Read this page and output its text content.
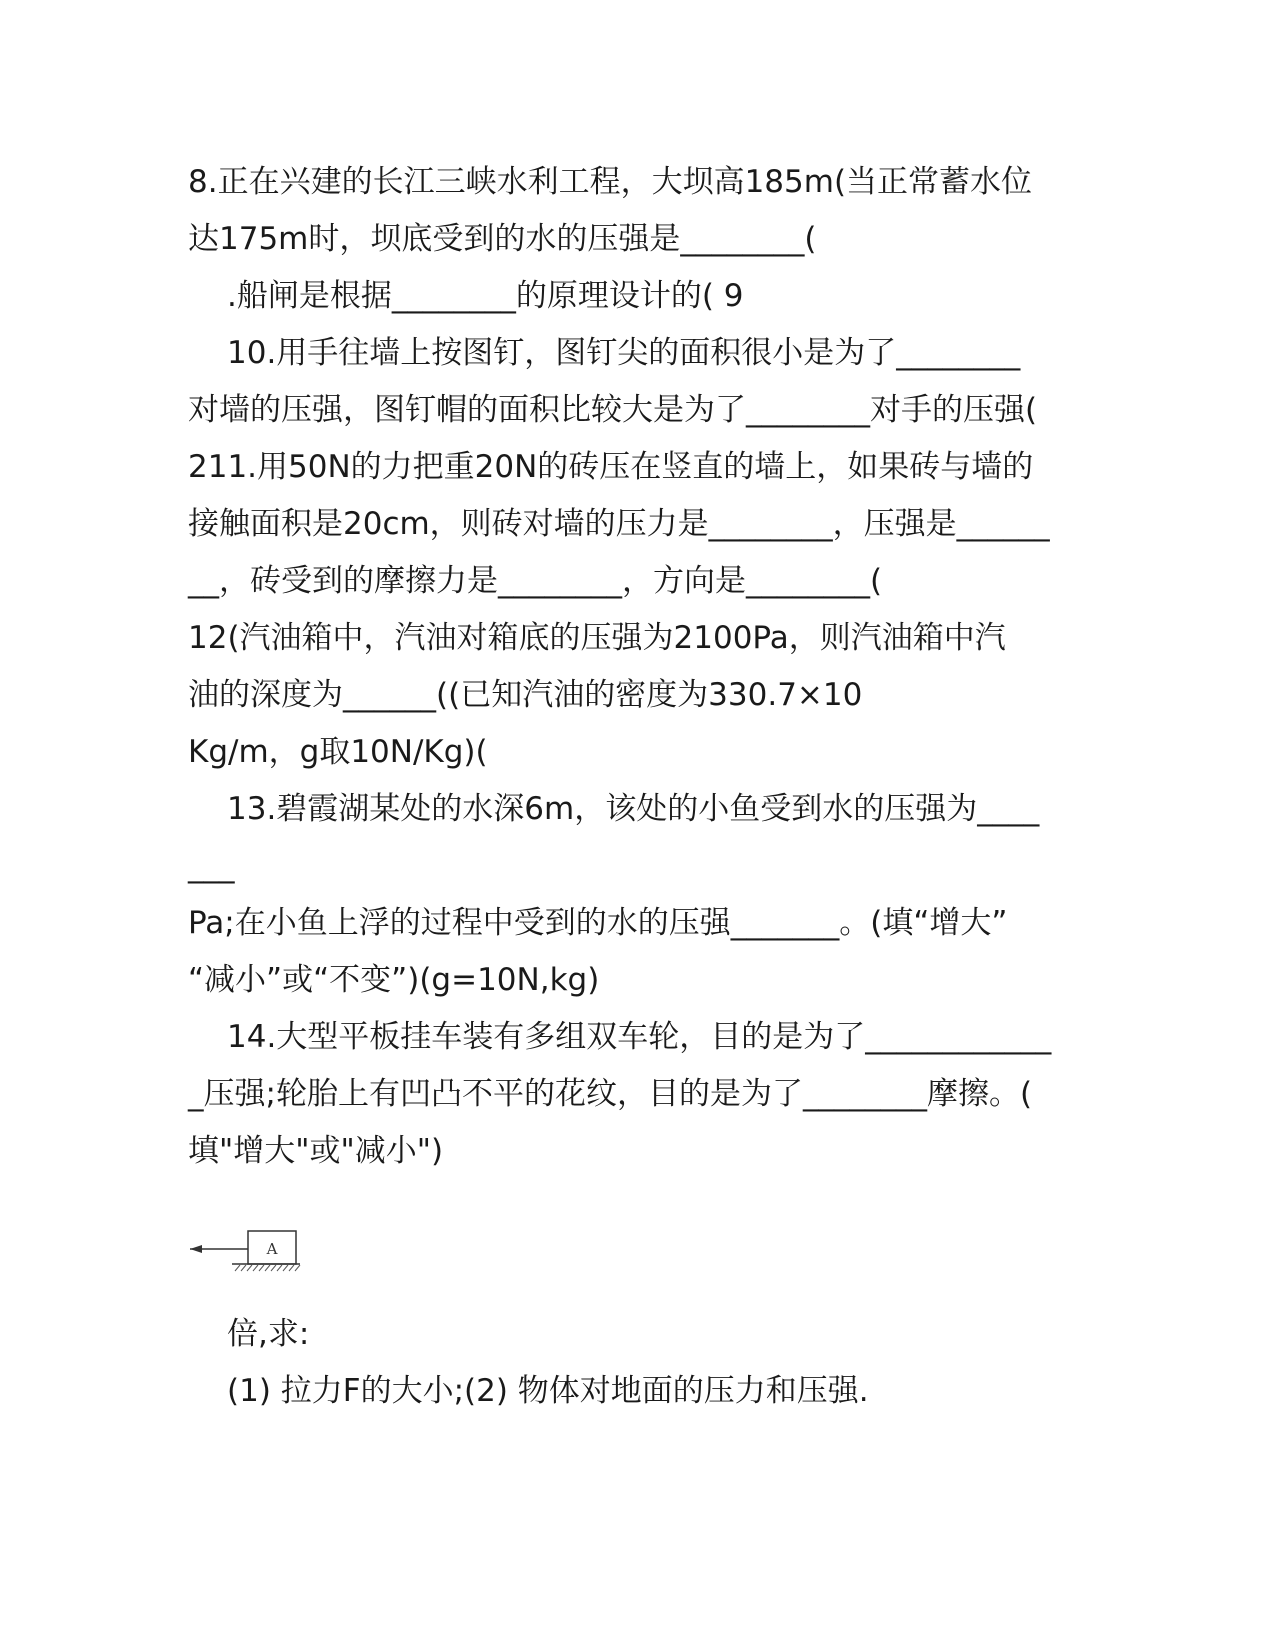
8.正在兴建的长江三峡水利工程，大坝高185m(当正常蓄水位
达175m时，坝底受到的水的压强是________(
.船闸是根据________的原理设计的( 9
10.用手往墙上按图钉，图钉尖的面积很小是为了________
对墙的压强，图钉帽的面积比较大是为了________对手的压强(
211.用50N的力把重20N的砖压在竖直的墙上，如果砖与墙的
接触面积是20cm，则砖对墙的压力是________，压强是______
__，砖受到的摩擦力是________，方向是________(
12(汽油箱中，汽油对箱底的压强为2100Pa，则汽油箱中汽
油的深度为______((已知汽油的密度为330.7×10
Kg/m，g取10N/Kg)(
13.碧霞湖某处的水深6m，该处的小鱼受到水的压强为____
___
Pa;在小鱼上浮的过程中受到的水的压强_______。(填“增大”
“减小”或“不变”)(g=10N,kg)
14.大型平板挂车装有多组双车轮，目的是为了____________
_压强;轮胎上有凹凸不平的花纹，目的是为了________摩擦。(
填"增大"或"减小")
A
倍,求:
(1) 拉力F的大小;(2) 物体对地面的压力和压强.
